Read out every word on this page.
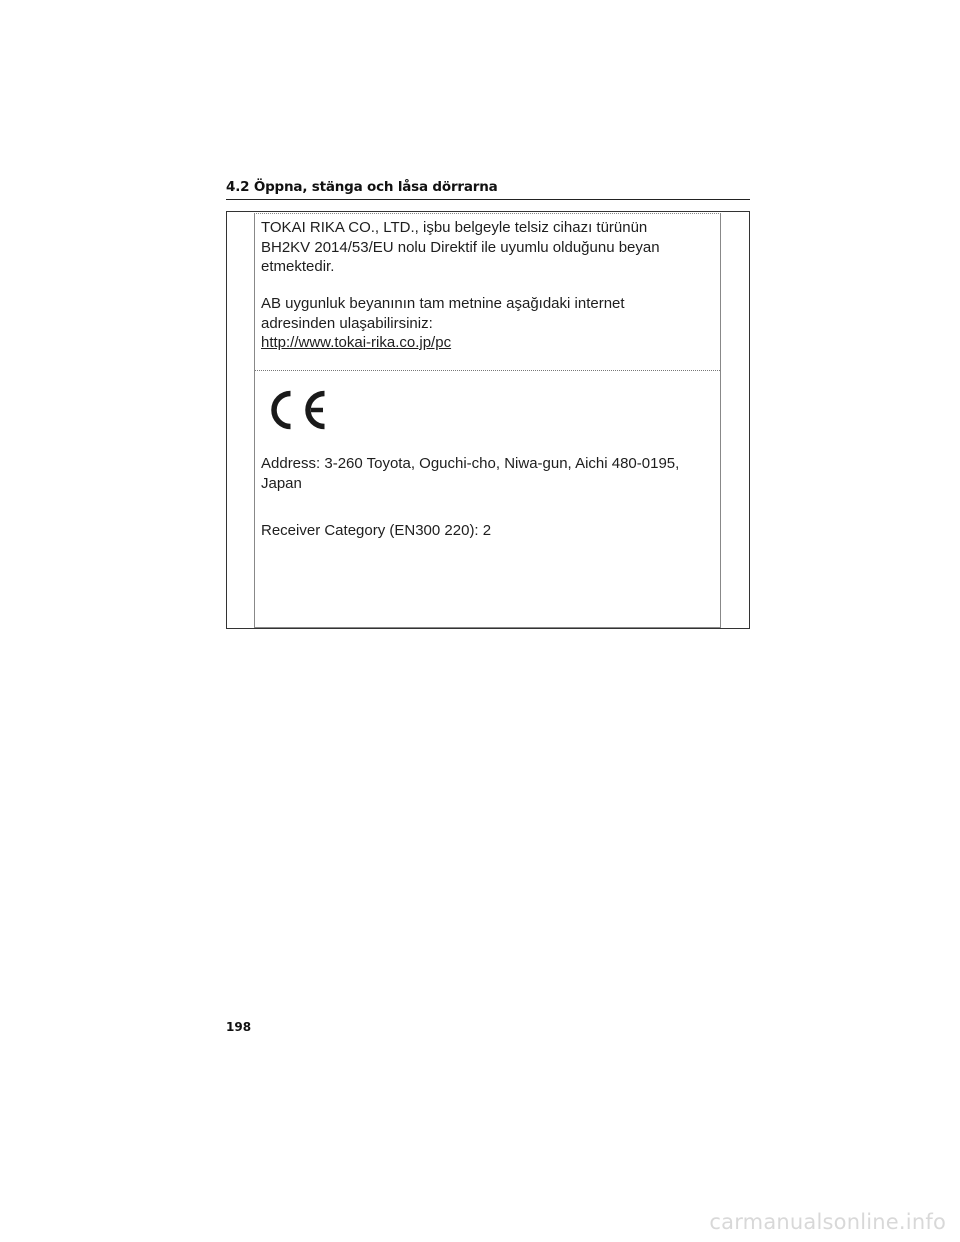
4.2 Öppna, stänga och låsa dörrarna
TOKAI RIKA CO., LTD., işbu belgeyle telsiz cihazı türünün
BH2KV 2014/53/EU nolu Direktif ile uyumlu olduğunu beyan
etmektedir.
AB uygunluk beyanının tam metnine aşağıdaki internet
adresinden ulaşabilirsiniz:
http://www.tokai-rika.co.jp/pc
Address: 3-260 Toyota, Oguchi-cho, Niwa-gun, Aichi 480-0195,
Japan
Receiver Category (EN300 220): 2
198
carmanualsonline.info
